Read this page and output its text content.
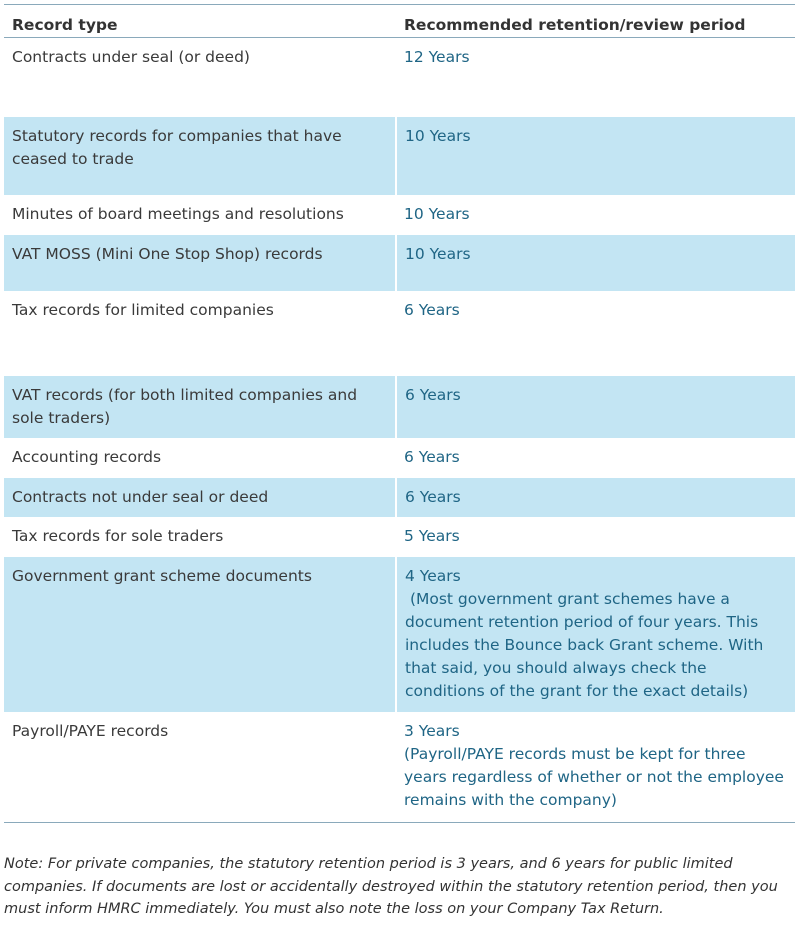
Record type	Recommended retention/review period
Contracts under seal (or deed)	12 Years
Statutory records for companies that have ceased to trade	10 Years
Minutes of board meetings and resolutions	10 Years
VAT MOSS (Mini One Stop Shop) records	10 Years
Tax records for limited companies	6 Years
VAT records (for both limited companies and sole traders)	6 Years
Accounting records	6 Years
Contracts not under seal or deed	6 Years
Tax records for sole traders	5 Years
Government grant scheme documents	4 Years
(Most government grant schemes have a document retention period of four years. This includes the Bounce back Grant scheme. With that said, you should always check the conditions of the grant for the exact details)

Payroll/PAYE records	3 Years
(Payroll/PAYE records must be kept for three years regardless of whether or not the employee remains with the company)

Note: For private companies, the statutory retention period is 3 years, and 6 years for public limited companies. If documents are lost or accidentally destroyed within the statutory retention period, then you must inform HMRC immediately. You must also note the loss on your Company Tax Return.
